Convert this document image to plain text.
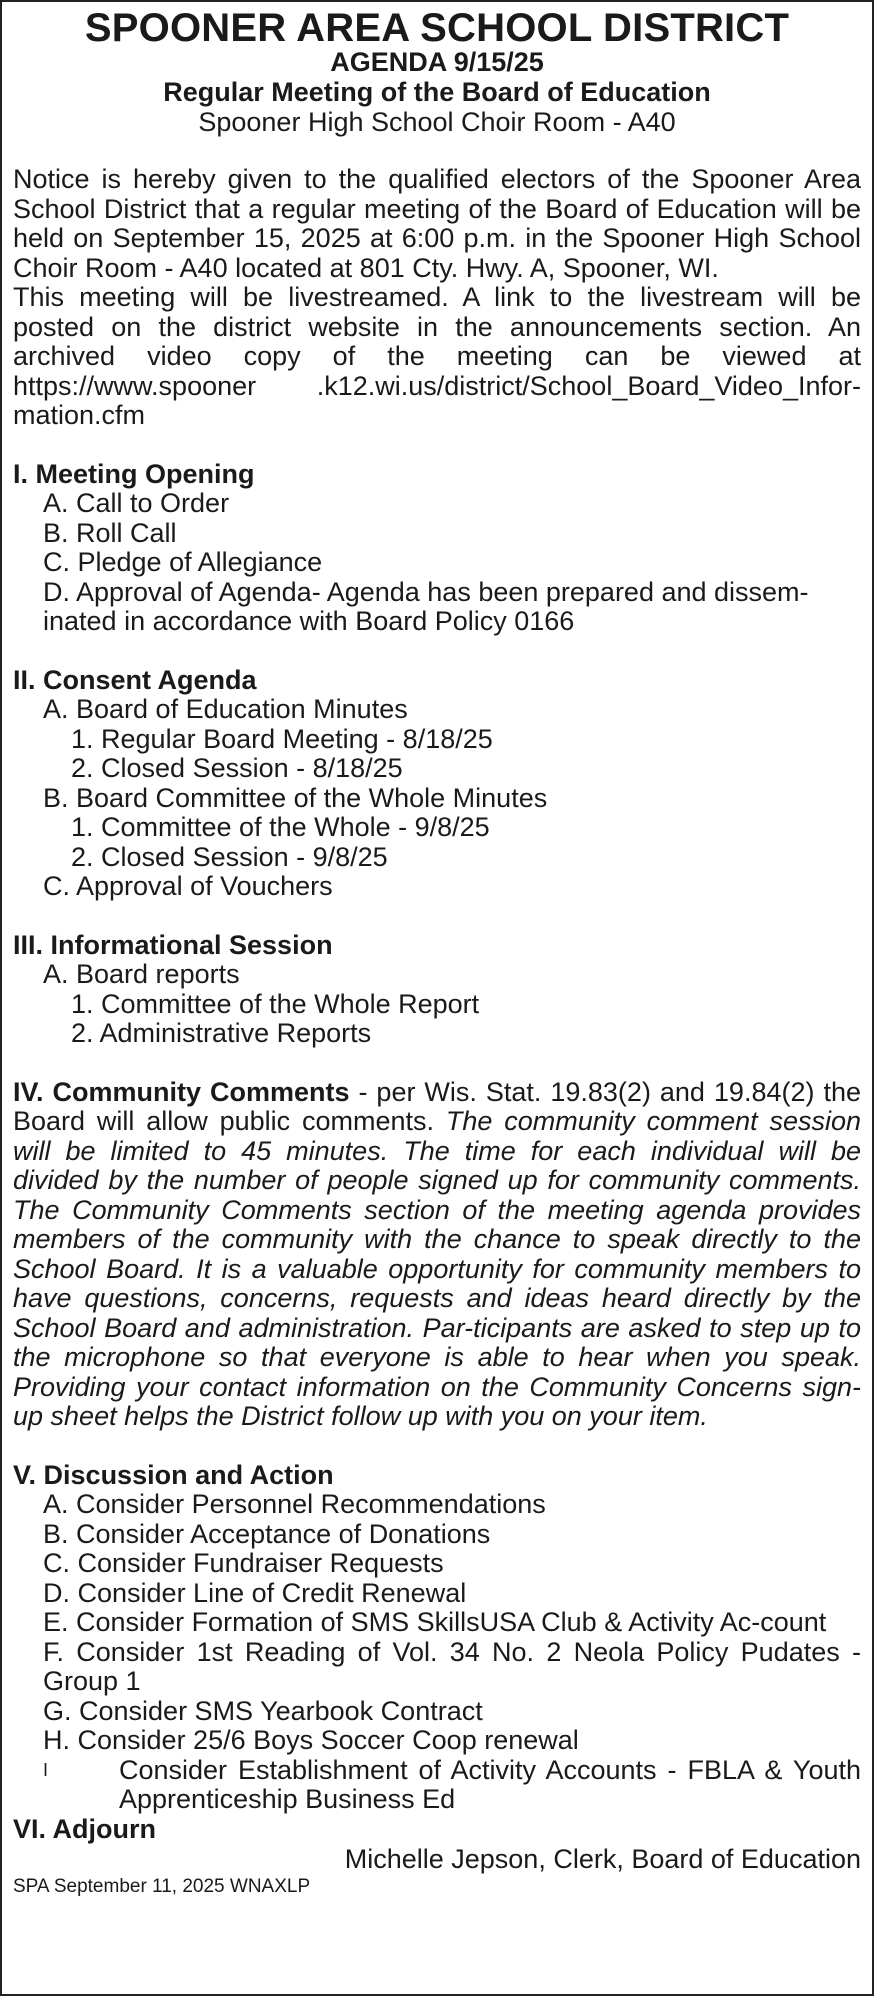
SPOONER AREA SCHOOL DISTRICT
AGENDA 9/15/25
Regular Meeting of the Board of Education
Spooner High School Choir Room - A40
Notice is hereby given to the qualified electors of the Spooner Area School District that a regular meeting of the Board of Education will be held on September 15, 2025 at 6:00 p.m. in the Spooner High School Choir Room - A40 located at 801 Cty. Hwy. A, Spooner, WI.
This meeting will be livestreamed. A link to the livestream will be posted on the district website in the announcements section. An archived video copy of the meeting can be viewed at https://www.spooner .k12.wi.us/district/School_Board_Video_Infor-mation.cfm
I. Meeting Opening
A. Call to Order
B. Roll Call
C. Pledge of Allegiance
D. Approval of Agenda- Agenda has been prepared and dissem-inated in accordance with Board Policy 0166
II. Consent Agenda
A. Board of Education Minutes
1. Regular Board Meeting - 8/18/25
2. Closed Session - 8/18/25
B. Board Committee of the Whole Minutes
1. Committee of the Whole - 9/8/25
2. Closed Session - 9/8/25
C. Approval of Vouchers
III. Informational Session
A. Board reports
1. Committee of the Whole Report
2. Administrative Reports
IV. Community Comments - per Wis. Stat. 19.83(2) and 19.84(2) the Board will allow public comments. The community comment session will be limited to 45 minutes. The time for each individual will be divided by the number of people signed up for community comments. The Community Comments section of the meeting agenda provides members of the community with the chance to speak directly to the School Board. It is a valuable opportunity for community members to have questions, concerns, requests and ideas heard directly by the School Board and administration. Par-ticipants are asked to step up to the microphone so that everyone is able to hear when you speak. Providing your contact information on the Community Concerns sign-up sheet helps the District follow up with you on your item.
V. Discussion and Action
A. Consider Personnel Recommendations
B. Consider Acceptance of Donations
C. Consider Fundraiser Requests
D. Consider Line of Credit Renewal
E. Consider Formation of SMS SkillsUSA Club & Activity Ac-count
F. Consider 1st Reading of Vol. 34 No. 2 Neola Policy Pudates - Group 1
G. Consider SMS Yearbook Contract
H. Consider 25/6 Boys Soccer Coop renewal
I	Consider Establishment of Activity Accounts - FBLA & Youth Apprenticeship Business Ed
VI. Adjourn
Michelle Jepson, Clerk, Board of Education
SPA September 11, 2025 WNAXLP
